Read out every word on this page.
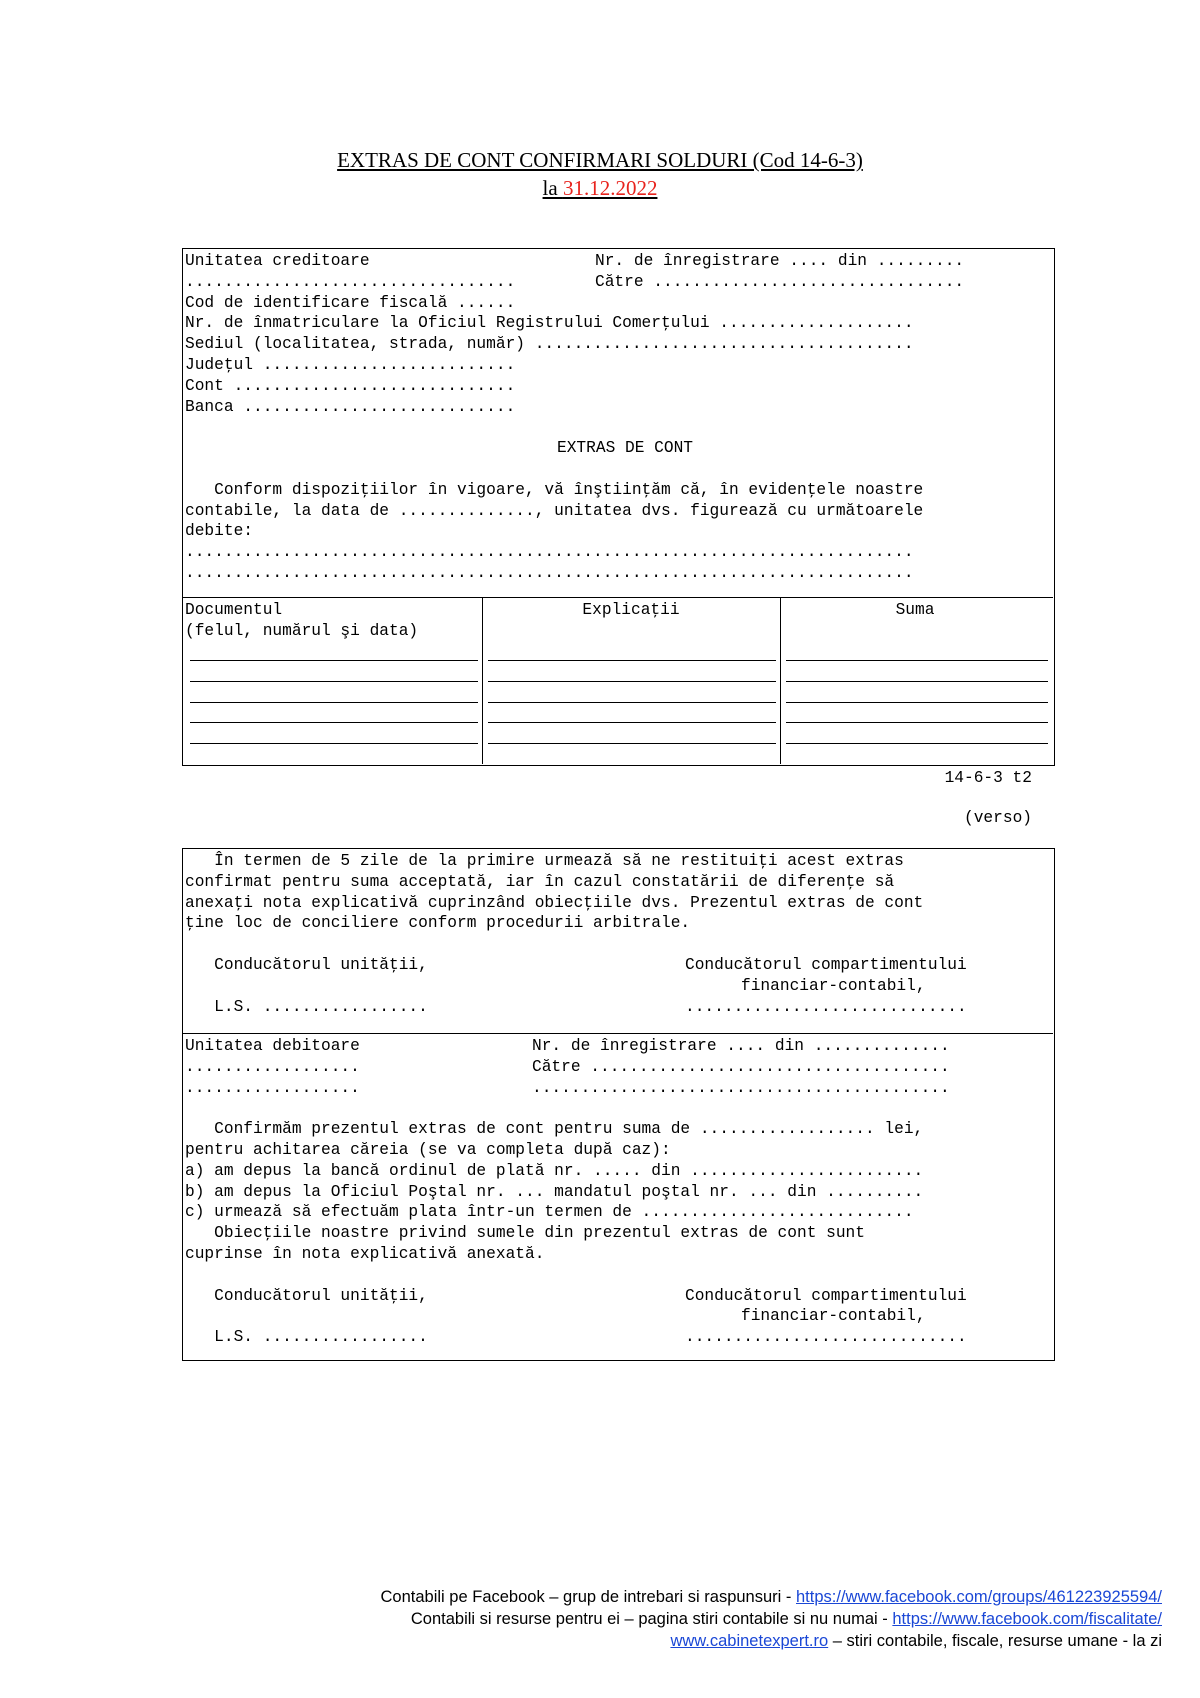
EXTRAS DE CONT CONFIRMARI SOLDURI (Cod 14-6-3)
la 31.12.2022
Unitatea creditoare	Nr. de înregistrare .... din .........
..................................	Către ................................
Cod de identificare fiscală ......
Nr. de înmatriculare la Oficiul Registrului Comerţului ....................
Sediul (localitatea, strada, număr) .......................................
Judeţul ..........................
Cont .............................
Banca ............................
EXTRAS DE CONT
Conform dispoziţiilor în vigoare, vă înştiinţăm că, în evidenţele noastre
contabile, la data de .............., unitatea dvs. figurează cu următoarele
debite:
...........................................................................
...........................................................................
Documentul	Explicaţii	Suma
(felul, numărul şi data)
14-6-3 t2
(verso)
În termen de 5 zile de la primire urmează să ne restituiţi acest extras
confirmat pentru suma acceptată, iar în cazul constatării de diferenţe să
anexaţi nota explicativă cuprinzând obiecţiile dvs. Prezentul extras de cont
ţine loc de conciliere conform procedurii arbitrale.
Conducătorul unităţii,	Conducătorul compartimentului
financiar-contabil,
L.S. .................	.............................
Unitatea debitoare	Nr. de înregistrare .... din ..............
..................	Către .....................................
..................	...........................................
Confirmăm prezentul extras de cont pentru suma de .................. lei,
pentru achitarea căreia (se va completa după caz):
a) am depus la bancă ordinul de plată nr. ..... din ........................
b) am depus la Oficiul Poştal nr. ... mandatul poştal nr. ... din ..........
c) urmează să efectuăm plata într-un termen de ............................
Obiecţiile noastre privind sumele din prezentul extras de cont sunt
cuprinse în nota explicativă anexată.
Conducătorul unităţii,	Conducătorul compartimentului
financiar-contabil,
L.S. .................	.............................
Contabili pe Facebook – grup de intrebari si raspunsuri - https://www.facebook.com/groups/461223925594/
Contabili si resurse pentru ei – pagina stiri contabile si nu numai - https://www.facebook.com/fiscalitate/
www.cabinetexpert.ro – stiri contabile, fiscale, resurse umane - la zi
